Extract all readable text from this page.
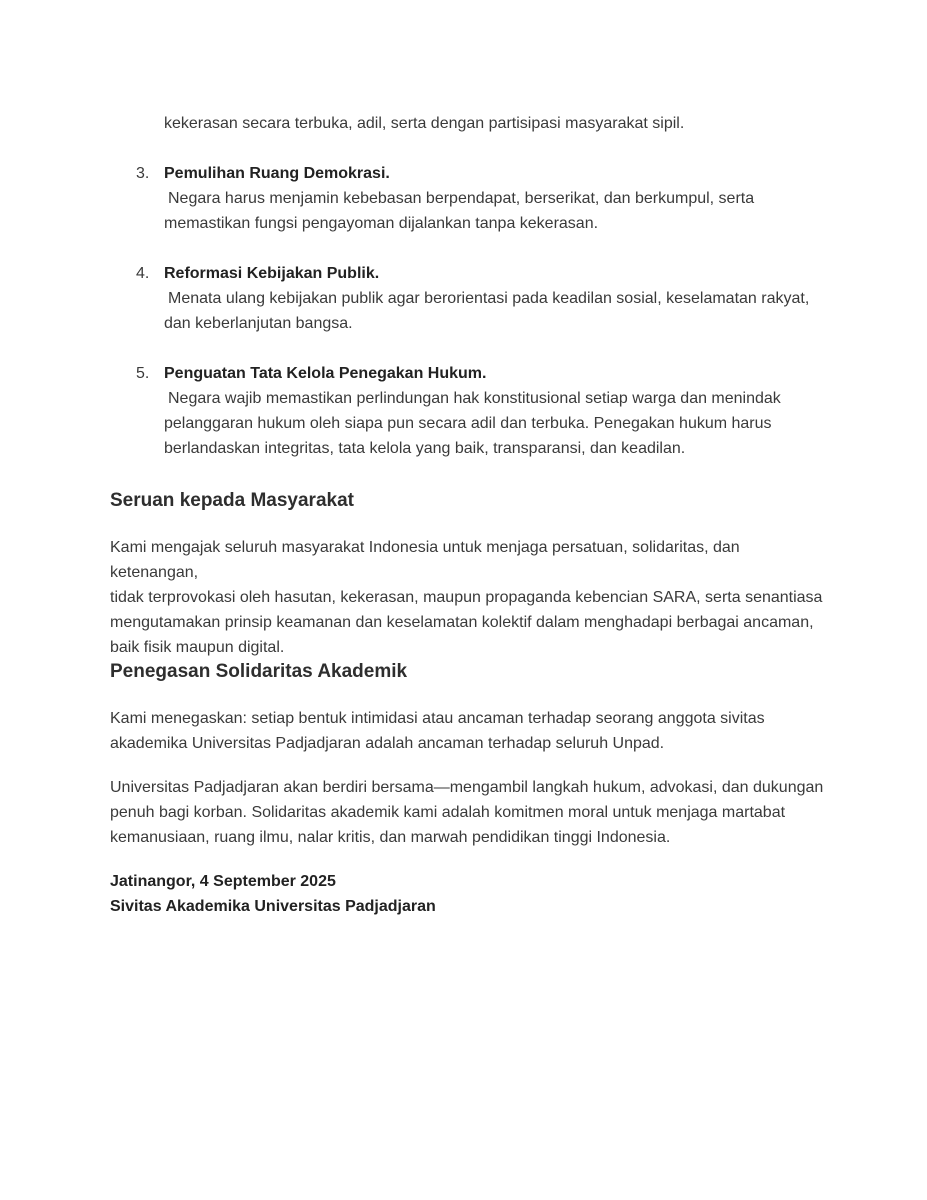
kekerasan secara terbuka, adil, serta dengan partisipasi masyarakat sipil.
3. Pemulihan Ruang Demokrasi.
Negara harus menjamin kebebasan berpendapat, berserikat, dan berkumpul, serta
memastikan fungsi pengayoman dijalankan tanpa kekerasan.
4. Reformasi Kebijakan Publik.
Menata ulang kebijakan publik agar berorientasi pada keadilan sosial, keselamatan rakyat,
dan keberlanjutan bangsa.
5. Penguatan Tata Kelola Penegakan Hukum.
Negara wajib memastikan perlindungan hak konstitusional setiap warga dan menindak
pelanggaran hukum oleh siapa pun secara adil dan terbuka. Penegakan hukum harus
berlandaskan integritas, tata kelola yang baik, transparansi, dan keadilan.
Seruan kepada Masyarakat
Kami mengajak seluruh masyarakat Indonesia untuk menjaga persatuan, solidaritas, dan ketenangan,
tidak terprovokasi oleh hasutan, kekerasan, maupun propaganda kebencian SARA, serta senantiasa
mengutamakan prinsip keamanan dan keselamatan kolektif dalam menghadapi berbagai ancaman,
baik fisik maupun digital.
Penegasan Solidaritas Akademik
Kami menegaskan: setiap bentuk intimidasi atau ancaman terhadap seorang anggota sivitas
akademika Universitas Padjadjaran adalah ancaman terhadap seluruh Unpad.
Universitas Padjadjaran akan berdiri bersama—mengambil langkah hukum, advokasi, dan dukungan
penuh bagi korban. Solidaritas akademik kami adalah komitmen moral untuk menjaga martabat
kemanusiaan, ruang ilmu, nalar kritis, dan marwah pendidikan tinggi Indonesia.
Jatinangor, 4 September 2025
Sivitas Akademika Universitas Padjadjaran
